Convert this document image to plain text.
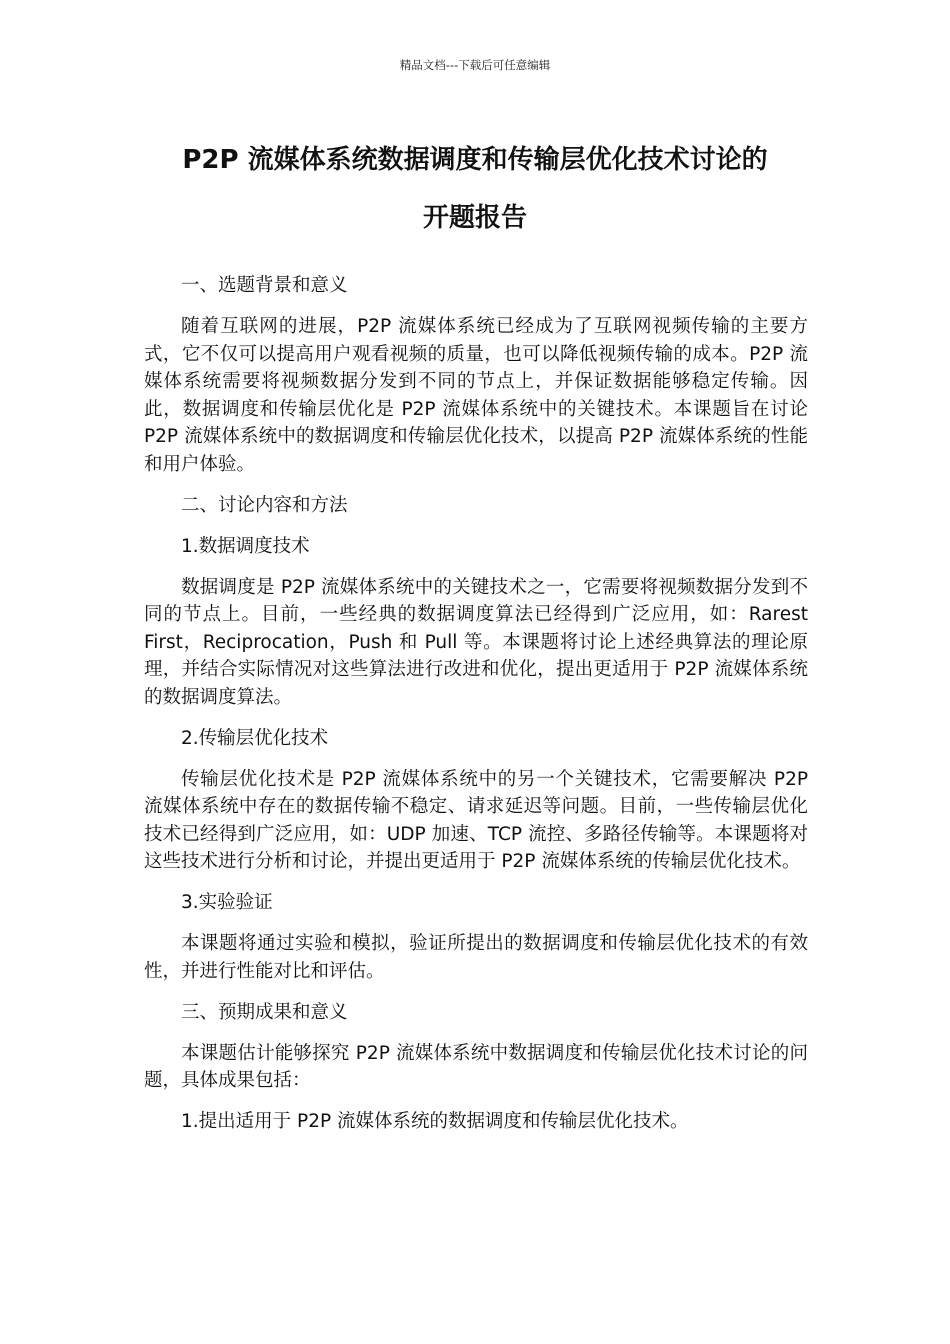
精品文档---下载后可任意编辑
P2P 流媒体系统数据调度和传输层优化技术讨论的
开题报告

一、选题背景和意义

随着互联网的进展，P2P 流媒体系统已经成为了互联网视频传输的主要方式，它不仅可以提高用户观看视频的质量，也可以降低视频传输的成本。P2P 流媒体系统需要将视频数据分发到不同的节点上，并保证数据能够稳定传输。因此，数据调度和传输层优化是 P2P 流媒体系统中的关键技术。本课题旨在讨论 P2P 流媒体系统中的数据调度和传输层优化技术，以提高 P2P 流媒体系统的性能和用户体验。

二、讨论内容和方法

1.数据调度技术

数据调度是 P2P 流媒体系统中的关键技术之一，它需要将视频数据分发到不同的节点上。目前，一些经典的数据调度算法已经得到广泛应用，如：Rarest First，Reciprocation，Push 和 Pull 等。本课题将讨论上述经典算法的理论原理，并结合实际情况对这些算法进行改进和优化，提出更适用于 P2P 流媒体系统的数据调度算法。

2.传输层优化技术

传输层优化技术是 P2P 流媒体系统中的另一个关键技术，它需要解决 P2P 流媒体系统中存在的数据传输不稳定、请求延迟等问题。目前，一些传输层优化技术已经得到广泛应用，如：UDP 加速、TCP 流控、多路径传输等。本课题将对这些技术进行分析和讨论，并提出更适用于 P2P 流媒体系统的传输层优化技术。

3.实验验证

本课题将通过实验和模拟，验证所提出的数据调度和传输层优化技术的有效性，并进行性能对比和评估。

三、预期成果和意义

本课题估计能够探究 P2P 流媒体系统中数据调度和传输层优化技术讨论的问题，具体成果包括：

1.提出适用于 P2P 流媒体系统的数据调度和传输层优化技术。
